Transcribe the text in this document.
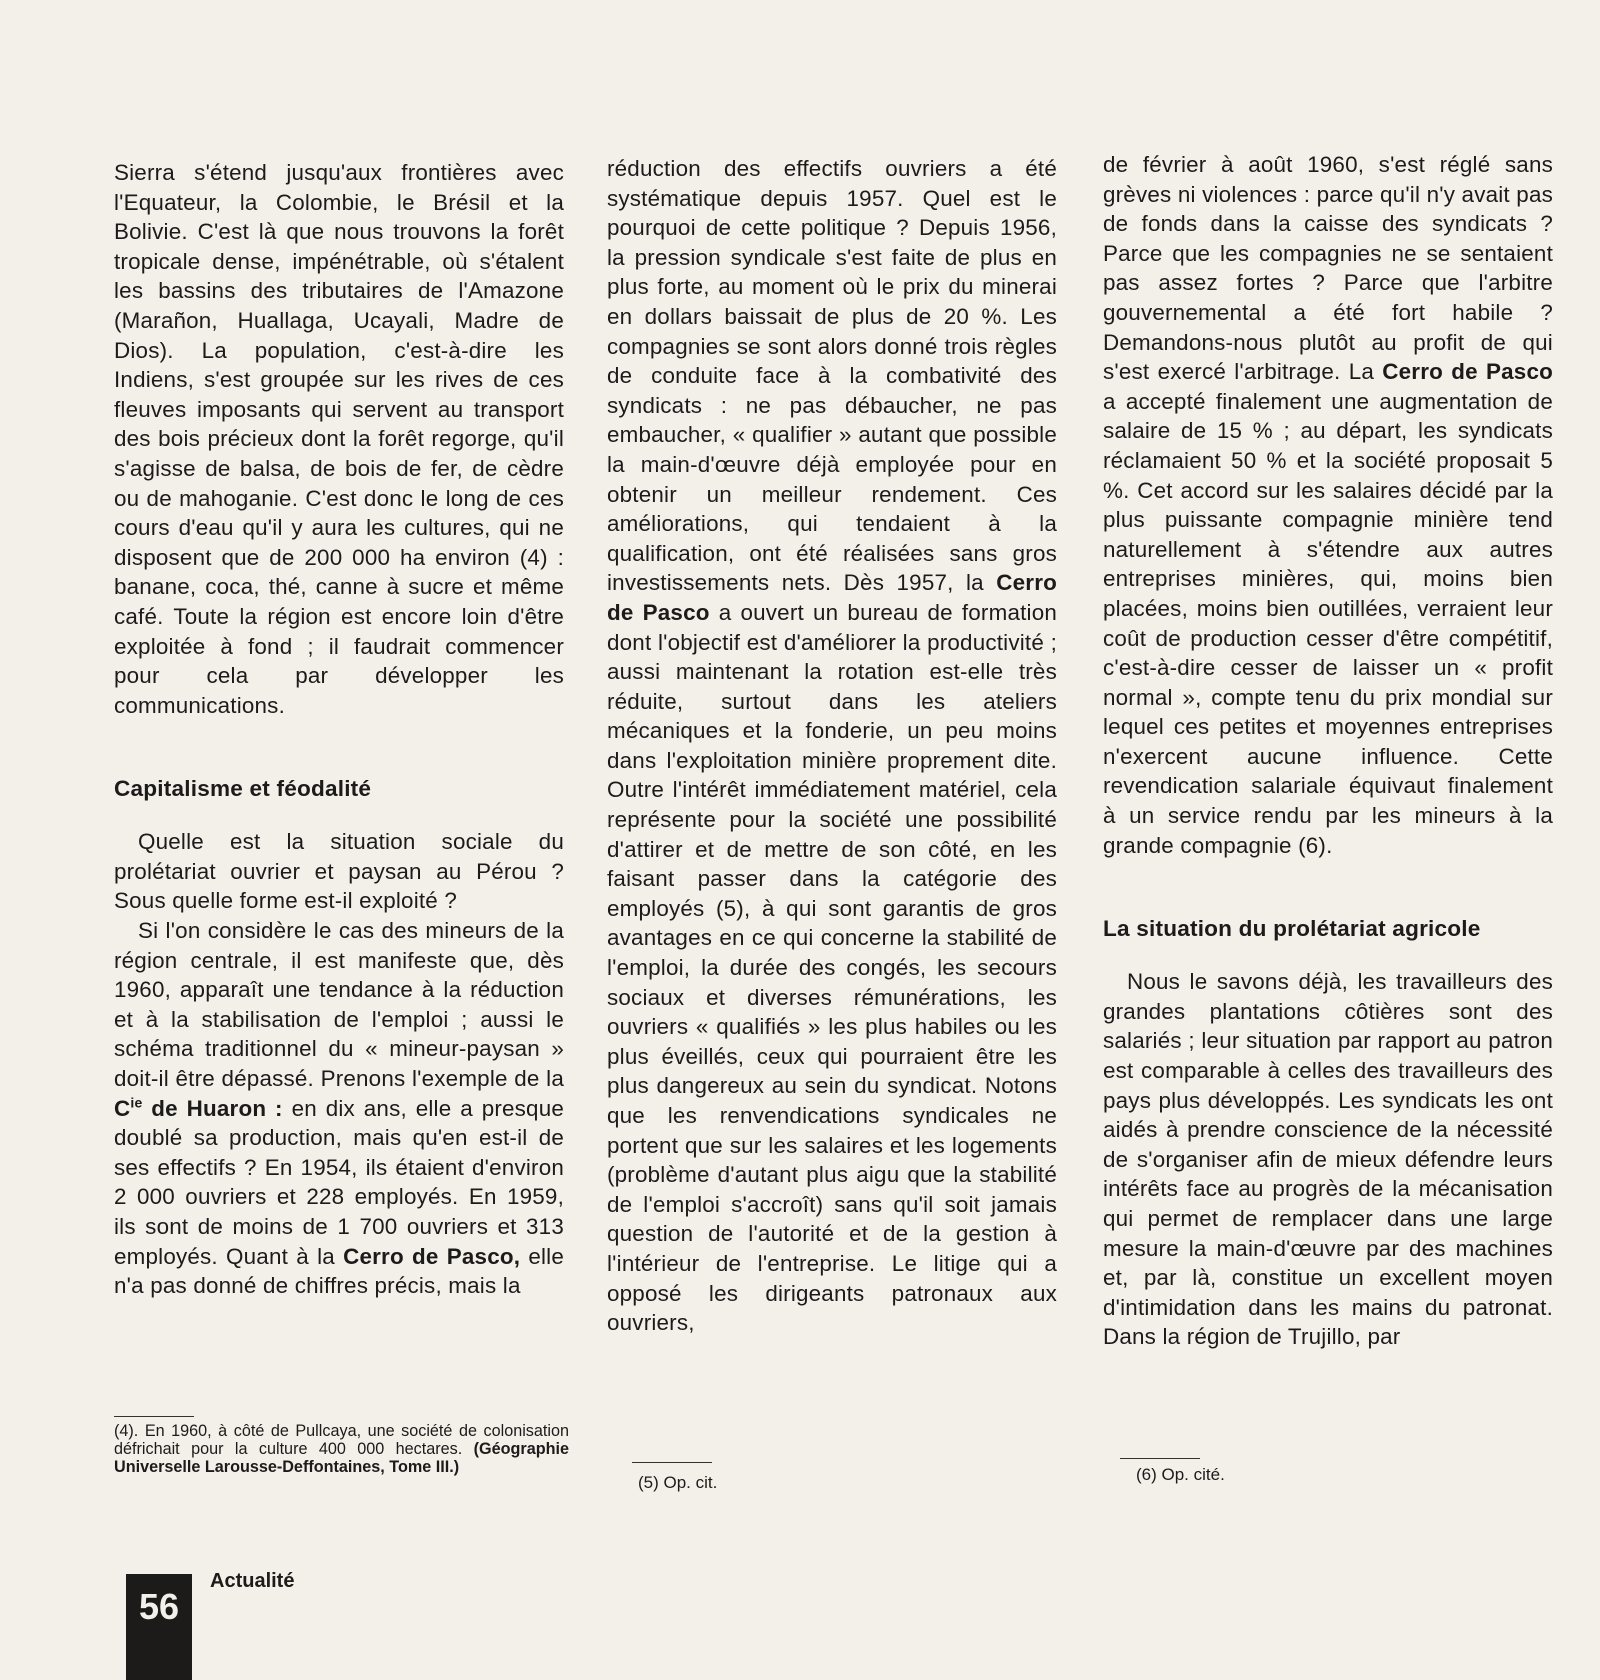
Sierra s'étend jusqu'aux frontières avec l'Equateur, la Colombie, le Brésil et la Bolivie. C'est là que nous trouvons la forêt tropicale dense, impénétrable, où s'étalent les bassins des tributaires de l'Amazone (Marañon, Huallaga, Ucayali, Madre de Dios). La population, c'est-à-dire les Indiens, s'est groupée sur les rives de ces fleuves imposants qui servent au transport des bois précieux dont la forêt regorge, qu'il s'agisse de balsa, de bois de fer, de cèdre ou de mahoganie. C'est donc le long de ces cours d'eau qu'il y aura les cultures, qui ne disposent que de 200 000 ha environ (4) : banane, coca, thé, canne à sucre et même café. Toute la région est encore loin d'être exploitée à fond ; il faudrait commencer pour cela par développer les communications.

Capitalisme et féodalité

Quelle est la situation sociale du prolétariat ouvrier et paysan au Pérou ? Sous quelle forme est-il exploité ?

Si l'on considère le cas des mineurs de la région centrale, il est manifeste que, dès 1960, apparaît une tendance à la réduction et à la stabilisation de l'emploi ; aussi le schéma traditionnel du « mineur-paysan » doit-il être dépassé. Prenons l'exemple de la $C^{ie}$ de Huaron : en dix ans, elle a presque doublé sa production, mais qu'en est-il de ses effectifs ? En 1954, ils étaient d'environ 2 000 ouvriers et 228 employés. En 1959, ils sont de moins de 1 700 ouvriers et 313 employés. Quant à la Cerro de Pasco, elle n'a pas donné de chiffres précis, mais la

réduction des effectifs ouvriers a été systématique depuis 1957. Quel est le pourquoi de cette politique ? Depuis 1956, la pression syndicale s'est faite de plus en plus forte, au moment où le prix du minerai en dollars baissait de plus de 20 %. Les compagnies se sont alors donné trois règles de conduite face à la combativité des syndicats : ne pas débaucher, ne pas embaucher, « qualifier » autant que possible la main-d'œuvre déjà employée pour en obtenir un meilleur rendement. Ces améliorations, qui tendaient à la qualification, ont été réalisées sans gros investissements nets. Dès 1957, la Cerro de Pasco a ouvert un bureau de formation dont l'objectif est d'améliorer la productivité ; aussi maintenant la rotation est-elle très réduite, surtout dans les ateliers mécaniques et la fonderie, un peu moins dans l'exploitation minière proprement dite. Outre l'intérêt immédiatement matériel, cela représente pour la société une possibilité d'attirer et de mettre de son côté, en les faisant passer dans la catégorie des employés (5), à qui sont garantis de gros avantages en ce qui concerne la stabilité de l'emploi, la durée des congés, les secours sociaux et diverses rémunérations, les ouvriers « qualifiés » les plus habiles ou les plus éveillés, ceux qui pourraient être les plus dangereux au sein du syndicat. Notons que les renvendications syndicales ne portent que sur les salaires et les logements (problème d'autant plus aigu que la stabilité de l'emploi s'accroît) sans qu'il soit jamais question de l'autorité et de la gestion à l'intérieur de l'entreprise. Le litige qui a opposé les dirigeants patronaux aux ouvriers,

de février à août 1960, s'est réglé sans grèves ni violences : parce qu'il n'y avait pas de fonds dans la caisse des syndicats ? Parce que les compagnies ne se sentaient pas assez fortes ? Parce que l'arbitre gouvernemental a été fort habile ? Demandons-nous plutôt au profit de qui s'est exercé l'arbitrage. La Cerro de Pasco a accepté finalement une augmentation de salaire de 15 % ; au départ, les syndicats réclamaient 50 % et la société proposait 5 %. Cet accord sur les salaires décidé par la plus puissante compagnie minière tend naturellement à s'étendre aux autres entreprises minières, qui, moins bien placées, moins bien outillées, verraient leur coût de production cesser d'être compétitif, c'est-à-dire cesser de laisser un « profit normal », compte tenu du prix mondial sur lequel ces petites et moyennes entreprises n'exercent aucune influence. Cette revendication salariale équivaut finalement à un service rendu par les mineurs à la grande compagnie (6).

La situation du prolétariat agricole

Nous le savons déjà, les travailleurs des grandes plantations côtières sont des salariés ; leur situation par rapport au patron est comparable à celles des travailleurs des pays plus développés. Les syndicats les ont aidés à prendre conscience de la nécessité de s'organiser afin de mieux défendre leurs intérêts face au progrès de la mécanisation qui permet de remplacer dans une large mesure la main-d'œuvre par des machines et, par là, constitue un excellent moyen d'intimidation dans les mains du patronat. Dans la région de Trujillo, par

(4). En 1960, à côté de Pullcaya, une société de colonisation défrichait pour la culture 400 000 hectares. (Géographie Universelle Larousse-Deffontaines, Tome III.)
(5) Op. cit.	(6) Op. cité.
56
Actualité
